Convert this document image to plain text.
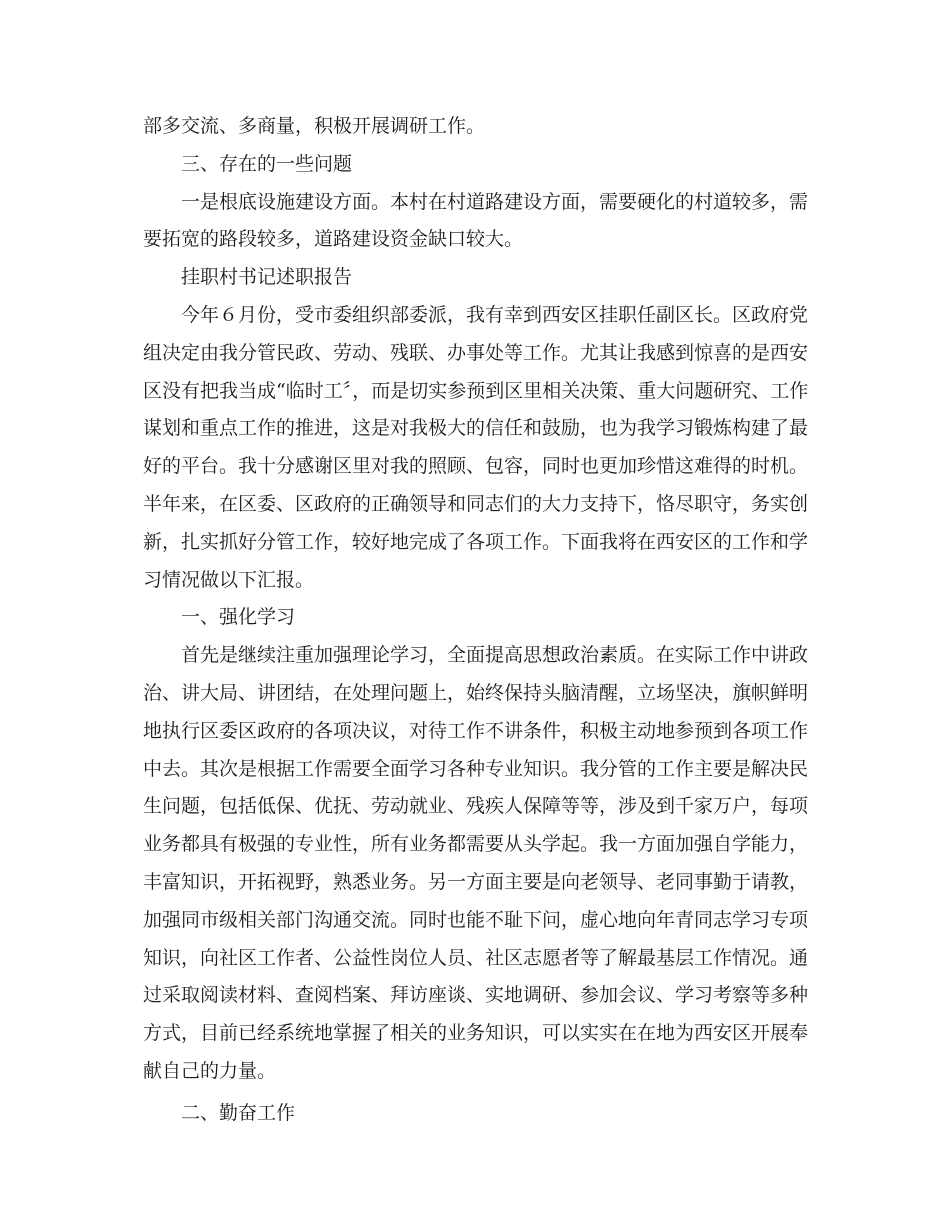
部多交流、多商量，积极开展调研工作。
三、存在的一些问题
一是根底设施建设方面。本村在村道路建设方面，需要硬化的村道较多，需
要拓宽的路段较多，道路建设资金缺口较大。
挂职村书记述职报告
今年６月份，受市委组织部委派，我有幸到西安区挂职任副区长。区政府党
组决定由我分管民政、劳动、残联、办事处等工作。尤其让我感到惊喜的是西安
区没有把我当成“临时工〞，而是切实参预到区里相关决策、重大问题研究、工作
谋划和重点工作的推进，这是对我极大的信任和鼓励，也为我学习锻炼构建了最
好的平台。我十分感谢区里对我的照顾、包容，同时也更加珍惜这难得的时机。
半年来，在区委、区政府的正确领导和同志们的大力支持下，恪尽职守，务实创
新，扎实抓好分管工作，较好地完成了各项工作。下面我将在西安区的工作和学
习情况做以下汇报。
一、强化学习
首先是继续注重加强理论学习，全面提高思想政治素质。在实际工作中讲政
治、讲大局、讲团结，在处理问题上，始终保持头脑清醒，立场坚决，旗帜鲜明
地执行区委区政府的各项决议，对待工作不讲条件，积极主动地参预到各项工作
中去。其次是根据工作需要全面学习各种专业知识。我分管的工作主要是解决民
生问题，包括低保、优抚、劳动就业、残疾人保障等等，涉及到千家万户，每项
业务都具有极强的专业性，所有业务都需要从头学起。我一方面加强自学能力，
丰富知识，开拓视野，熟悉业务。另一方面主要是向老领导、老同事勤于请教，
加强同市级相关部门沟通交流。同时也能不耻下问，虚心地向年青同志学习专项
知识，向社区工作者、公益性岗位人员、社区志愿者等了解最基层工作情况。通
过采取阅读材料、查阅档案、拜访座谈、实地调研、参加会议、学习考察等多种
方式，目前已经系统地掌握了相关的业务知识，可以实实在在地为西安区开展奉
献自己的力量。
二、勤奋工作
